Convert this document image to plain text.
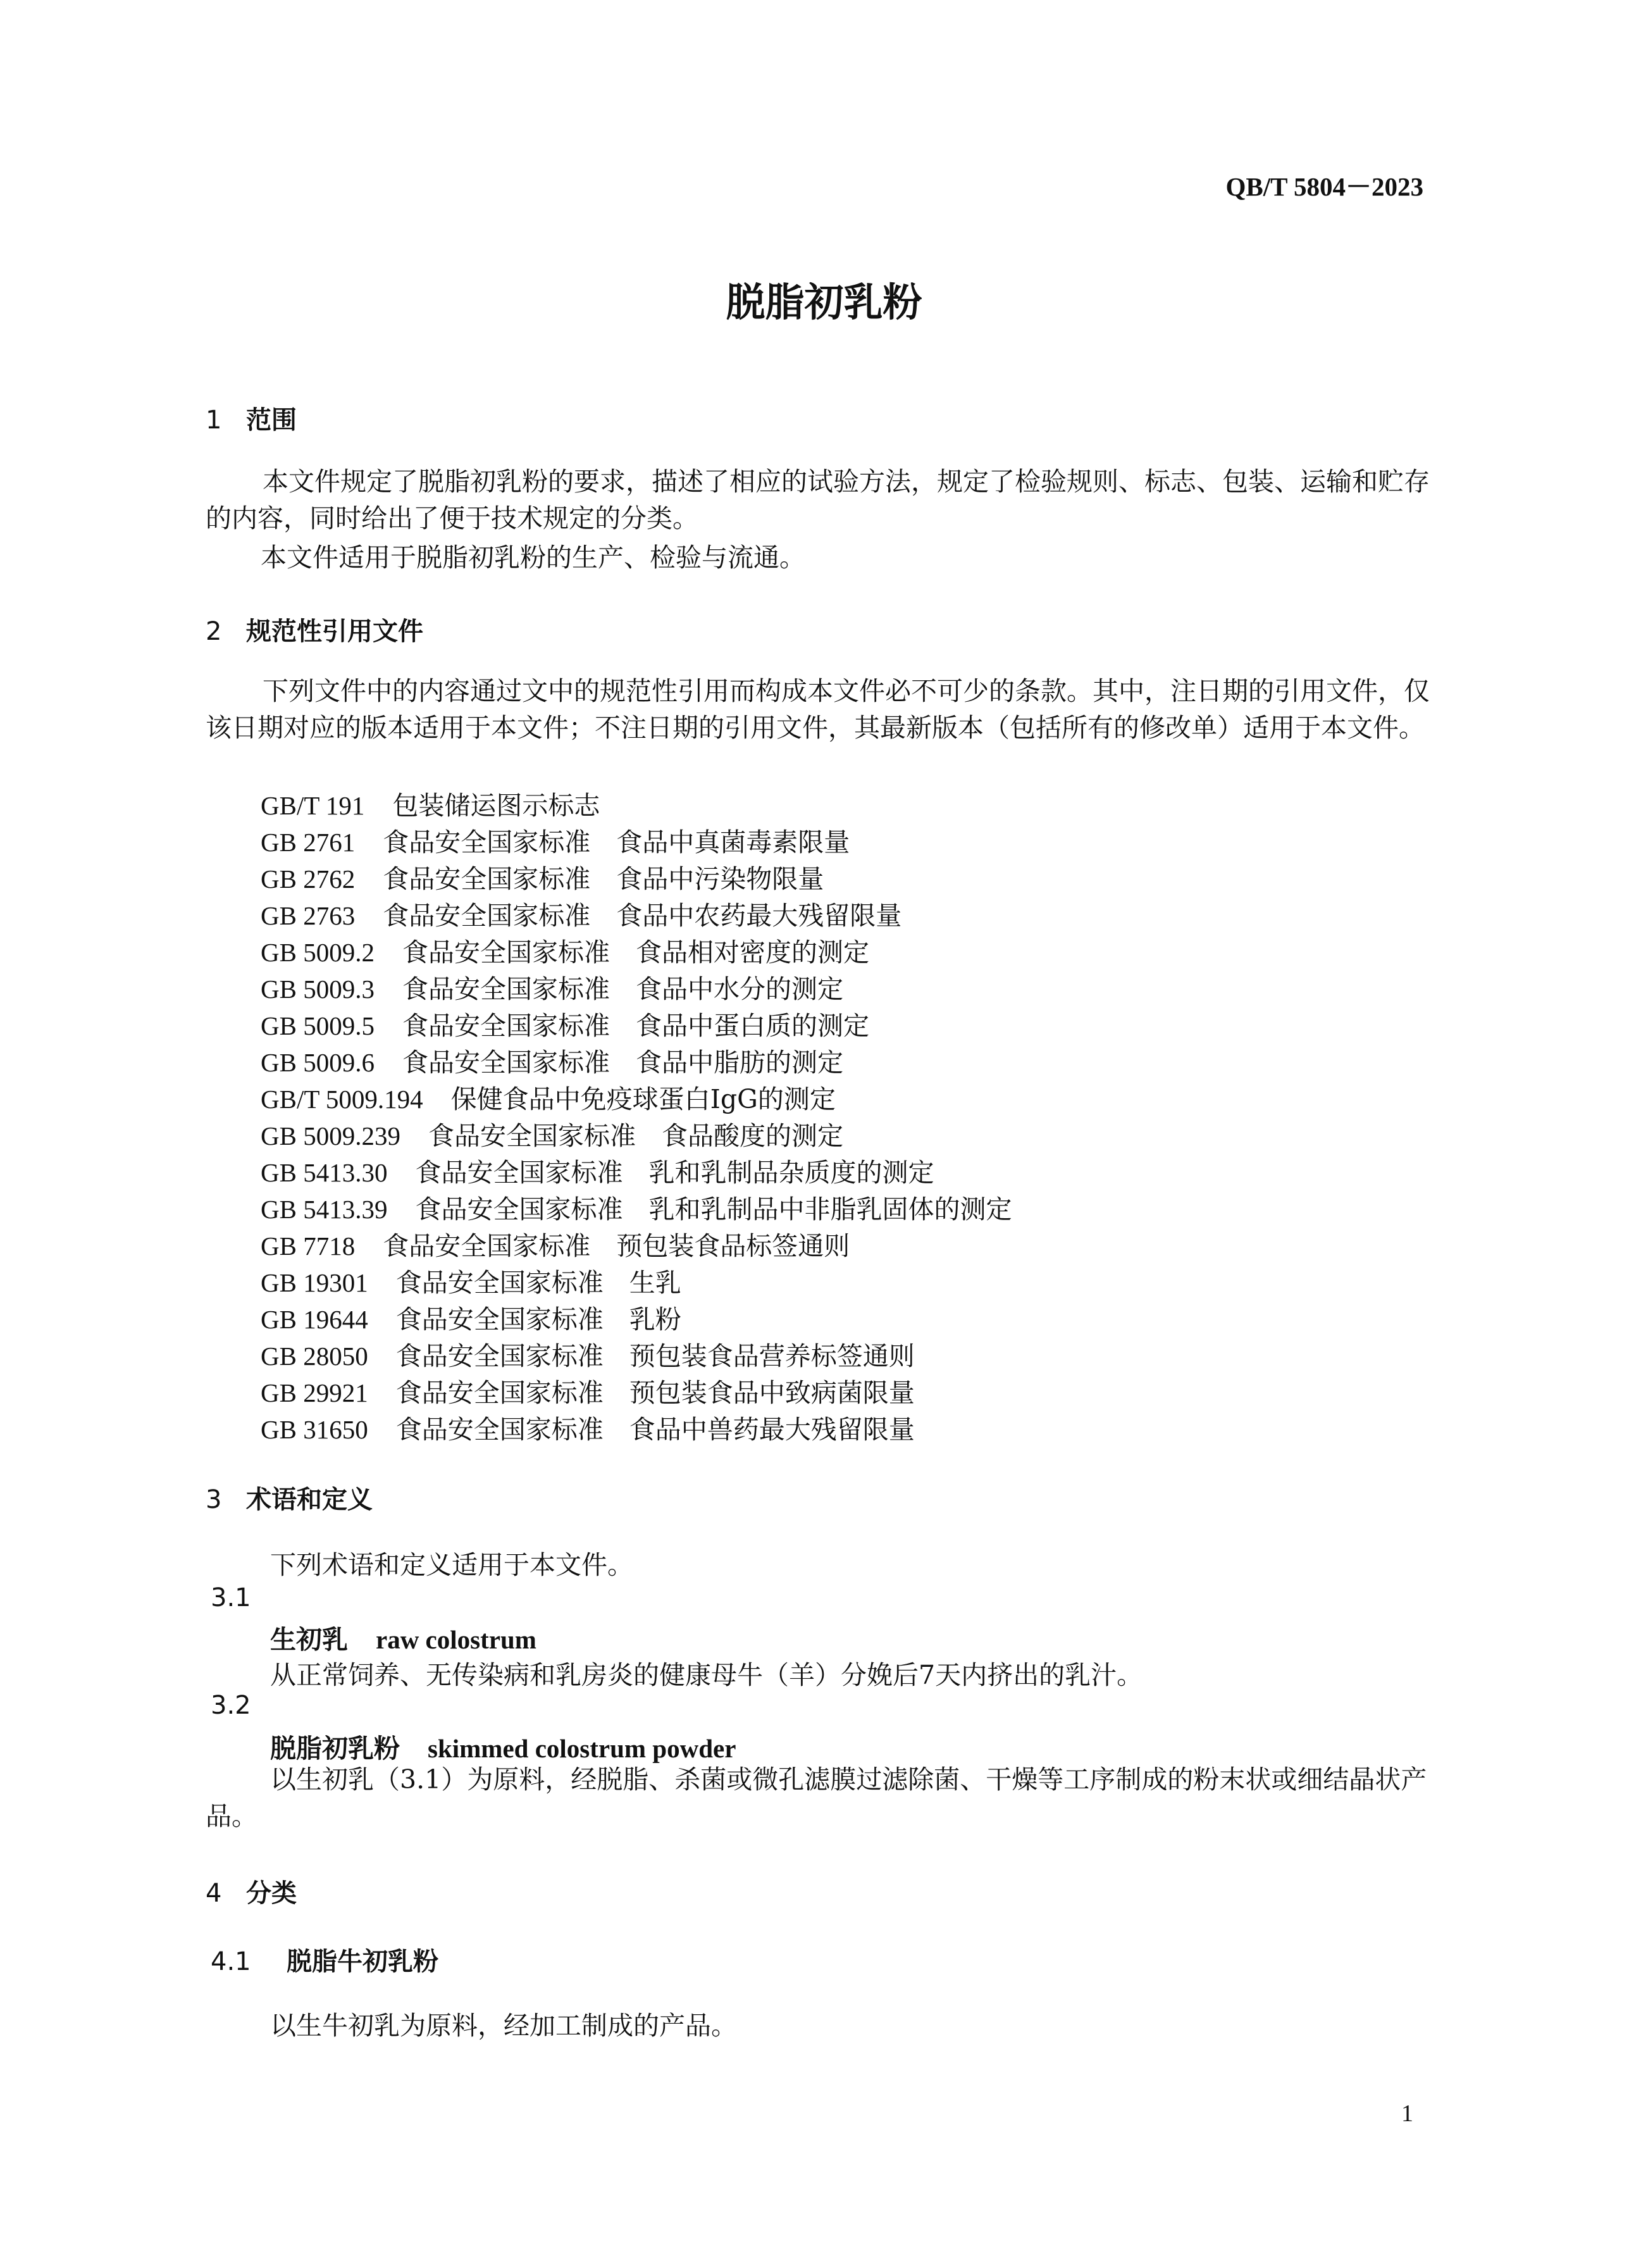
QB/T 5804－2023
脱脂初乳粉
1 范围
本文件规定了脱脂初乳粉的要求，描述了相应的试验方法，规定了检验规则、标志、包装、运输和贮存的内容，同时给出了便于技术规定的分类。
本文件适用于脱脂初乳粉的生产、检验与流通。
2 规范性引用文件
下列文件中的内容通过文中的规范性引用而构成本文件必不可少的条款。其中，注日期的引用文件，仅该日期对应的版本适用于本文件；不注日期的引用文件，其最新版本（包括所有的修改单）适用于本文件。
GB/T 191 包装储运图示标志
GB 2761 食品安全国家标准　食品中真菌毒素限量
GB 2762 食品安全国家标准　食品中污染物限量
GB 2763 食品安全国家标准　食品中农药最大残留限量
GB 5009.2 食品安全国家标准　食品相对密度的测定
GB 5009.3 食品安全国家标准　食品中水分的测定
GB 5009.5 食品安全国家标准　食品中蛋白质的测定
GB 5009.6 食品安全国家标准　食品中脂肪的测定
GB/T 5009.194 保健食品中免疫球蛋白IgG的测定
GB 5009.239 食品安全国家标准　食品酸度的测定
GB 5413.30 食品安全国家标准　乳和乳制品杂质度的测定
GB 5413.39 食品安全国家标准　乳和乳制品中非脂乳固体的测定
GB 7718 食品安全国家标准　预包装食品标签通则
GB 19301 食品安全国家标准　生乳
GB 19644 食品安全国家标准　乳粉
GB 28050 食品安全国家标准　预包装食品营养标签通则
GB 29921 食品安全国家标准　预包装食品中致病菌限量
GB 31650 食品安全国家标准　食品中兽药最大残留限量
3 术语和定义
下列术语和定义适用于本文件。
3.1
生初乳 raw colostrum
从正常饲养、无传染病和乳房炎的健康母牛（羊）分娩后7天内挤出的乳汁。
3.2
脱脂初乳粉 skimmed colostrum powder
以生初乳（3.1）为原料，经脱脂、杀菌或微孔滤膜过滤除菌、干燥等工序制成的粉末状或细结晶状产品。
4 分类
4.1 脱脂牛初乳粉
以生牛初乳为原料，经加工制成的产品。
1
